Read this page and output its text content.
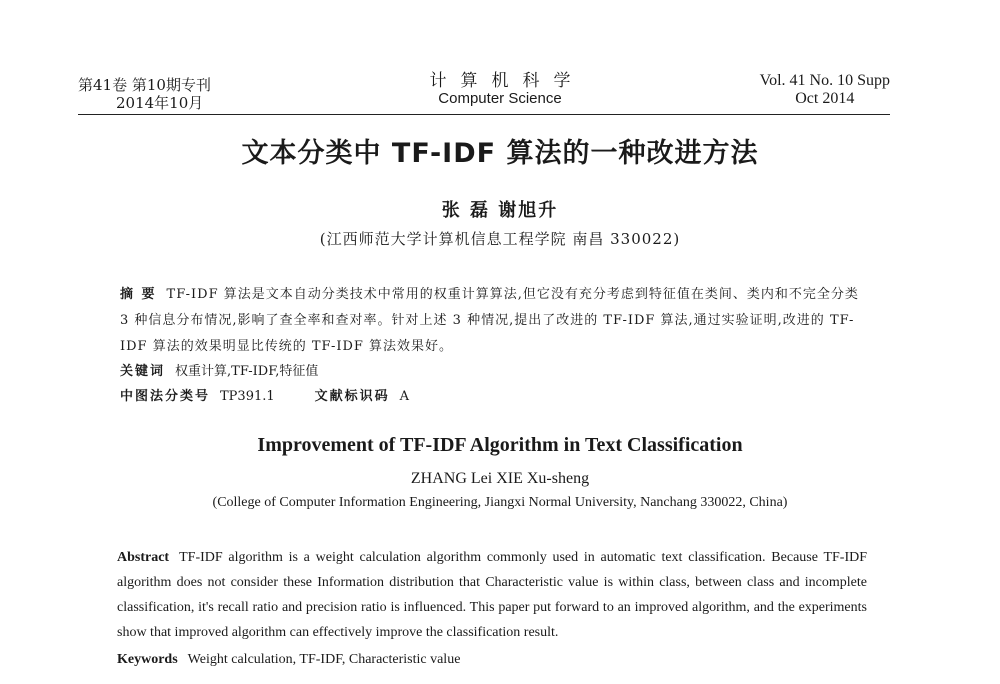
第41卷 第10期专刊
2014年10月
计算机科学
Computer Science
Vol. 41 No. 10 Supp
Oct 2014
文本分类中 TF-IDF 算法的一种改进方法
张 磊 谢旭升
(江西师范大学计算机信息工程学院 南昌 330022)
摘 要 TF-IDF 算法是文本自动分类技术中常用的权重计算算法,但它没有充分考虑到特征值在类间、类内和不完全分类 3 种信息分布情况,影响了查全率和查对率。针对上述 3 种情况,提出了改进的 TF-IDF 算法,通过实验证明,改进的 TF-IDF 算法的效果明显比传统的 TF-IDF 算法效果好。
关键词 权重计算,TF-IDF,特征值
中图法分类号 TP391.1	文献标识码 A
Improvement of TF-IDF Algorithm in Text Classification
ZHANG Lei XIE Xu-sheng
(College of Computer Information Engineering, Jiangxi Normal University, Nanchang 330022, China)
Abstract TF-IDF algorithm is a weight calculation algorithm commonly used in automatic text classification. Because TF-IDF algorithm does not consider these Information distribution that Characteristic value is within class, between class and incomplete classification, it's recall ratio and precision ratio is influenced. This paper put forward to an improved algorithm, and the experiments show that improved algorithm can effectively improve the classification result.
Keywords Weight calculation, TF-IDF, Characteristic value
